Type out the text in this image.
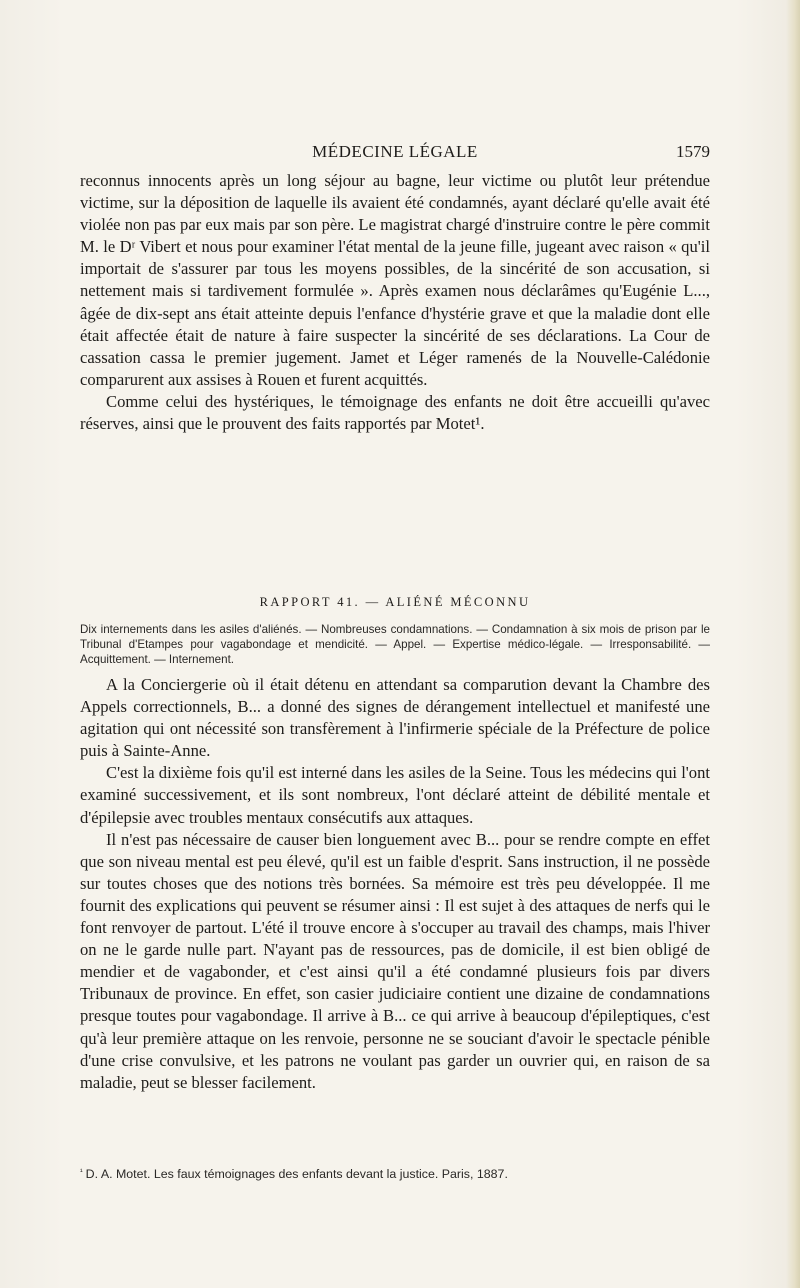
MÉDECINE LÉGALE	1579

reconnus innocents après un long séjour au bagne, leur victime ou plutôt leur prétendue victime, sur la déposition de laquelle ils avaient été condamnés, ayant déclaré qu'elle avait été violée non pas par eux mais par son père. Le magistrat chargé d'instruire contre le père commit M. le Dʳ Vibert et nous pour examiner l'état mental de la jeune fille, jugeant avec raison « qu'il importait de s'assurer par tous les moyens possibles, de la sincérité de son accusation, si nettement mais si tardivement formulée ». Après examen nous déclarâmes qu'Eugénie L..., âgée de dix-sept ans était atteinte depuis l'enfance d'hystérie grave et que la maladie dont elle était affectée était de nature à faire suspecter la sincérité de ses déclarations. La Cour de cassation cassa le premier jugement. Jamet et Léger ramenés de la Nouvelle-Calédonie comparurent aux assises à Rouen et furent acquittés.

Comme celui des hystériques, le témoignage des enfants ne doit être accueilli qu'avec réserves, ainsi que le prouvent des faits rapportés par Motet¹.

RAPPORT 41. — ALIÉNÉ MÉCONNU

Dix internements dans les asiles d'aliénés. — Nombreuses condamnations. — Condamnation à six mois de prison par le Tribunal d'Etampes pour vagabondage et mendicité. — Appel. — Expertise médico-légale. — Irresponsabilité. — Acquittement. — Internement.

A la Conciergerie où il était détenu en attendant sa comparution devant la Chambre des Appels correctionnels, B... a donné des signes de dérangement intellectuel et manifesté une agitation qui ont nécessité son transfèrement à l'infirmerie spéciale de la Préfecture de police puis à Sainte-Anne.

C'est la dixième fois qu'il est interné dans les asiles de la Seine. Tous les médecins qui l'ont examiné successivement, et ils sont nombreux, l'ont déclaré atteint de débilité mentale et d'épilepsie avec troubles mentaux consécutifs aux attaques.

Il n'est pas nécessaire de causer bien longuement avec B... pour se rendre compte en effet que son niveau mental est peu élevé, qu'il est un faible d'esprit. Sans instruction, il ne possède sur toutes choses que des notions très bornées. Sa mémoire est très peu développée. Il me fournit des explications qui peuvent se résumer ainsi : Il est sujet à des attaques de nerfs qui le font renvoyer de partout. L'été il trouve encore à s'occuper au travail des champs, mais l'hiver on ne le garde nulle part. N'ayant pas de ressources, pas de domicile, il est bien obligé de mendier et de vagabonder, et c'est ainsi qu'il a été condamné plusieurs fois par divers Tribunaux de province. En effet, son casier judiciaire contient une dizaine de condamnations presque toutes pour vagabondage. Il arrive à B... ce qui arrive à beaucoup d'épileptiques, c'est qu'à leur première attaque on les renvoie, personne ne se souciant d'avoir le spectacle pénible d'une crise convulsive, et les patrons ne voulant pas garder un ouvrier qui, en raison de sa maladie, peut se blesser facilement.

$^{^1}$ D. A. Motet. Les faux témoignages des enfants devant la justice. Paris, 1887.
